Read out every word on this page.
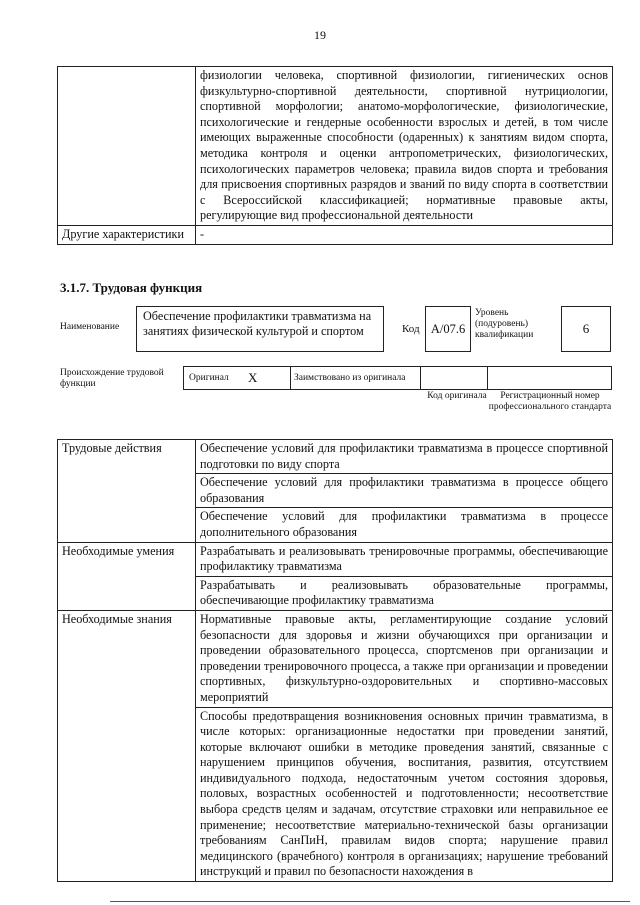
19
	физиологии человека, спортивной физиологии, гигиенических основ физкультурно-спортивной деятельности, спортивной нутрициологии, спортивной морфологии; анатомо-морфологические, физиологические, психологические и гендерные особенности взрослых и детей, в том числе имеющих выраженные способности (одаренных) к занятиям видом спорта, методика контроля и оценки антропометрических, физиологических, психологических параметров человека; правила видов спорта и требования для присвоения спортивных разрядов и званий по виду спорта в соответствии с Всероссийской классификацией; нормативные правовые акты, регулирующие вид профессиональной деятельности
Другие характеристики	-
3.1.7. Трудовая функция
Наименование
Обеспечение профилактики травматизма на занятиях физической культурой и спортом	Код А/07.6
Уровень (подуровень) квалификации	6
Происхождение трудовой функции
Оригинал Х	Заимствовано из оригинала
Код оригинала	Регистрационный номер профессионального стандарта
Трудовые действия	Обеспечение условий для профилактики травматизма в процессе спортивной подготовки по виду спорта
	Обеспечение условий для профилактики травматизма в процессе общего образования
	Обеспечение условий для профилактики травматизма в процессе дополнительного образования
Необходимые умения	Разрабатывать и реализовывать тренировочные программы, обеспечивающие профилактику травматизма
	Разрабатывать и реализовывать образовательные программы, обеспечивающие профилактику травматизма
Необходимые знания	Нормативные правовые акты, регламентирующие создание условий безопасности для здоровья и жизни обучающихся при организации и проведении образовательного процесса, спортсменов при организации и проведении тренировочного процесса, а также при организации и проведении спортивных, физкультурно-оздоровительных и спортивно-массовых мероприятий
	Способы предотвращения возникновения основных причин травматизма, в числе которых: организационные недостатки при проведении занятий, которые включают ошибки в методике проведения занятий, связанные с нарушением принципов обучения, воспитания, развития, отсутствием индивидуального подхода, недостаточным учетом состояния здоровья, половых, возрастных особенностей и подготовленности; несоответствие выбора средств целям и задачам, отсутствие страховки или неправильное ее применение; несоответствие материально-технической базы организации требованиям СанПиН, правилам видов спорта; нарушение правил медицинского (врачебного) контроля в организациях; нарушение требований инструкций и правил по безопасности нахождения в
